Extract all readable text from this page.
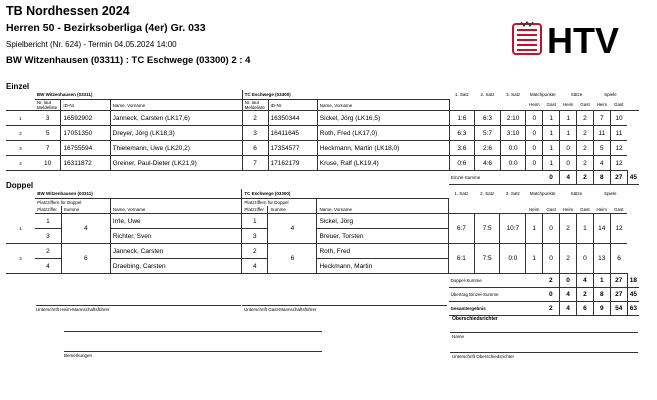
TB Nordhessen 2024
Herren 50 - Bezirksoberliga (4er) Gr. 033
Spielbericht (Nr. 624) - Termin 04.05.2024 14:00
BW Witzenhausen (03311) : TC Eschwege (03300) 2 : 4	HTV
Einzel
	BW Witzenhausen (03311)			TC Eschwege (03300)			1. Satz	2. Satz	3. Satz	Matchpunkte		Sätze		Spiele		
	Nr. laut
Meldeliste	ID-Nr.	Name, Vorname	Nr. laut
Meldeliste	ID-Nr.	Name, Vorname				Heim	Gast	Heim	Gast	Heim	Gast	
1	3	16592902	Janneck, Carsten (LK17,6)	2	16350344	Sickel, Jörg (LK16,5)	1:6	6:3	2:10	0	1	1	2	7	10	
2	5	17051350	Dreyer, Jörg (LK18,3)	3	16411645	Roth, Fred (LK17,0)	6:3	5:7	3:10	0	1	1	2	11	11	
3	7	16755594	Thielemann, Uwe (LK20,2)	6	17354577	Heckmann, Martin (LK18,0)	3:6	2:6	0:0	0	1	0	2	5	12	
4	10	16311872	Greiner, Paul-Dieter (LK21,9)	7	17162179	Kruse, Ralf (LK19,4)	0:6	4:6	0:0	0	1	0	2	4	12	
							Einzel-Summe				0	4	2	8	27	45
Doppel
	BW Witzenhausen (03311)			TC Eschwege (03300)			1. Satz	2. Satz	3. Satz	Matchpunkte		Sätze		Spiele		
	Platzziffern für Doppel			Platzziffern für Doppel												
	Platzziffer	Summe	Name, Vorname	Platzziffer	Summe	Name, Vorname				Heim	Gast	Heim	Gast	Heim	Gast	
1	1	4	Irrle, Uwe	1	4	Sickel, Jörg	6:7	7:5	10:7	1	0	2	1	14	12	
	3		Richter, Sven	3		Breuer, Torsten										
2	2	6	Janneck, Carsten	2	6	Roth, Fred	6:1	7:5	0:0	1	0	2	0	13	6	
	4		Draebing, Carsten	4		Heckmann, Martin										
							Doppel-Summe				2	0	4	1	27	18
							Übertrag Einzel-Summe				0	4	2	8	27	45
							Gesamtergebnis				2	4	6	9	54	63
Unterschrift Heim-Mannschaftsführer	Unterschrift Gast-Mannschaftsführer
Oberschiedsrichter
Name
Unterschrift Oberschiedsrichter
Bemerkungen
